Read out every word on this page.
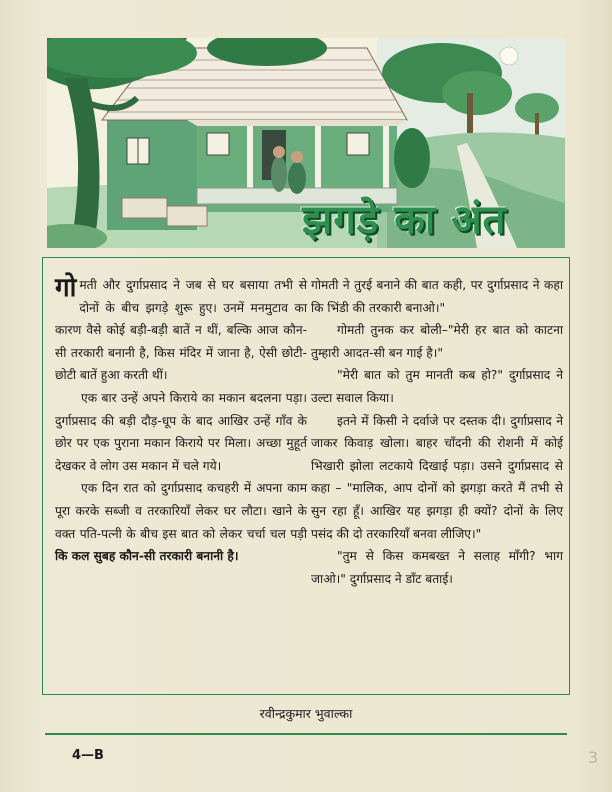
झगड़े का अंत

गोमती और दुर्गाप्रसाद ने जब से घर बसाया तभी से दोनों के बीच झगड़े शुरू हुए। उनमें मनमुटाव का कारण वैसे कोई बड़ी-बड़ी बातें न थीं, बल्कि आज कौन-सी तरकारी बनानी है, किस मंदिर में जाना है, ऐसी छोटी-छोटी बातें हुआ करती थीं।

एक बार उन्हें अपने किराये का मकान बदलना पड़ा। दुर्गाप्रसाद की बड़ी दौड़-धूप के बाद आखिर उन्हें गाँव के छोर पर एक पुराना मकान किराये पर मिला। अच्छा मुहूर्त देखकर वे लोग उस मकान में चले गये।

एक दिन रात को दुर्गाप्रसाद कचहरी में अपना काम पूरा करके सब्जी व तरकारियाँ लेकर घर लौटा। खाने के वक्त पति-पत्नी के बीच इस बात को लेकर चर्चा चल पड़ी कि कल सुबह कौन-सी तरकारी बनानी है।

गोमती ने तुरई बनाने की बात कही, पर दुर्गाप्रसाद ने कहा कि भिंडी की तरकारी बनाओ।"

गोमती तुनक कर बोली–"मेरी हर बात को काटना तुम्हारी आदत-सी बन गाई है।"

"मेरी बात को तुम मानती कब हो?" दुर्गाप्रसाद ने उल्टा सवाल किया।

इतने में किसी ने दर्वाजे पर दस्तक दी। दुर्गाप्रसाद ने जाकर किवाड़ खोला। बाहर चाँदनी की रोशनी में कोई भिखारी झोला लटकाये दिखाई पड़ा। उसने दुर्गाप्रसाद से कहा – "मालिक, आप दोनों को झगड़ा करते मैं तभी से सुन रहा हूँ। आखिर यह झगड़ा ही क्यों? दोनों के लिए पसंद की दो तरकारियाँ बनवा लीजिए।"

"तुम से किस कमबख्त ने सलाह माँगी? भाग जाओ।" दुर्गाप्रसाद ने डाँट बताई।

रवीन्द्रकुमार भुवाल्का
4—B	3
